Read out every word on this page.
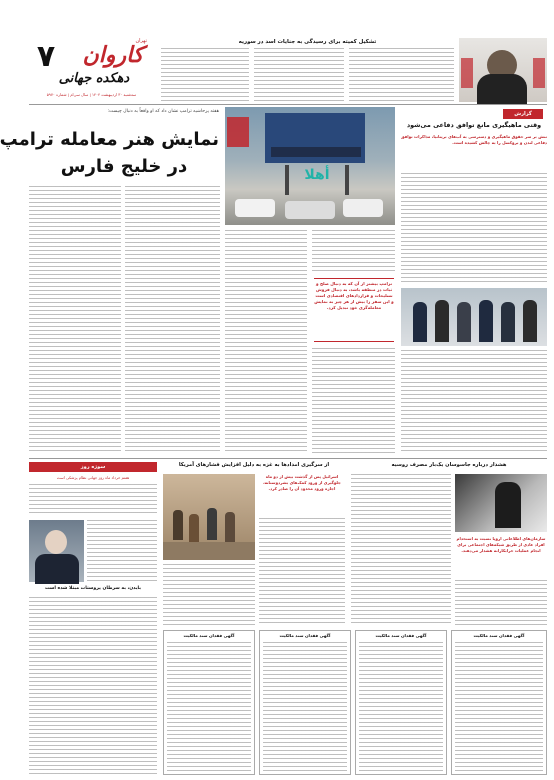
۷	کاروان
تهران
دهکده جهانی
سه‌شنبه ۳۰ اردیبهشت ۱۴۰۴ | سال سی‌ام | شماره ۵۹۷۰
تشکیل کمیته برای رسیدگی به جنایات اسد در سوریه
هفته پرحاشیه ترامپ نشان داد که او واقعاً به دنبال چیست:
نمایش هنر معامله ترامپ
در خلیج فارس	أهلا
ترامپ بیشتر از آن که به دنبال صلح و ثبات در منطقه باشد، به دنبال فروش تسلیحات و قراردادهای اقتصادی است و این سفر را بیش از هر چیز به نمایش معامله‌گری خود تبدیل کرد.
گزارش
وقتی ماهیگیری مانع توافق دفاعی می‌شود
تنش بر سر حقوق ماهیگیری و دسترسی به آب‌های بریتانیا، مذاکرات توافق دفاعی لندن و بروکسل را به چالش کشیده است.
سوژه روز
هفتم خرداد ماه روز جهانی نظام پزشکی است
بایدن، به سرطان پروستات مبتلا شده است
از سرگیری امدادها به غزه به دلیل افزایش فشارهای آمریکا
اسرائیل پس از گذشت بیش از دو ماه جلوگیری از ورود کمک‌های بشردوستانه، اجازه ورود محدود آن را صادر کرد.
هشدار درباره جاسوسان یک‌بار مصرف روسیه
سازمان‌های اطلاعاتی اروپا نسبت به استخدام افراد عادی از طریق شبکه‌های اجتماعی برای انجام عملیات خرابکارانه هشدار می‌دهند.
آگهی فقدان سند مالکیت	آگهی فقدان سند مالکیت	آگهی فقدان سند مالکیت	آگهی فقدان سند مالکیت
